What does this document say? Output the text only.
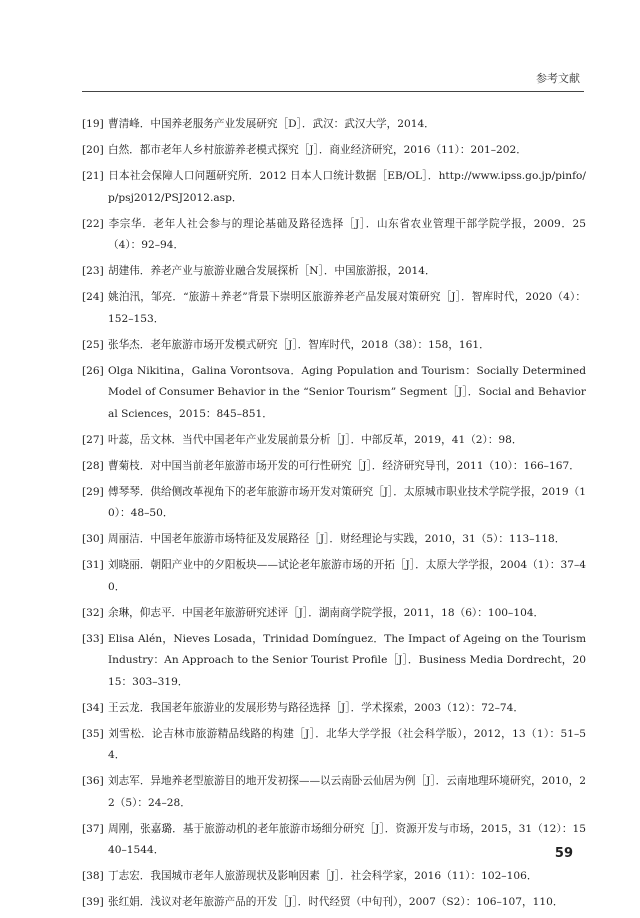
参考文献
[19] 曹清峰．中国养老服务产业发展研究［D］．武汉：武汉大学，2014．
[20] 白然．都市老年人乡村旅游养老模式探究［J］．商业经济研究，2016（11）：201–202．
[21] 日本社会保障人口问题研究所．2012 日本人口统计数据［EB/OL］．http://www.ipss.go.jp/pinfo/p/psj2012/PSJ2012.asp．
[22] 李宗华．老年人社会参与的理论基础及路径选择［J］．山东省农业管理干部学院学报，2009．25（4）：92–94．
[23] 胡建伟．养老产业与旅游业融合发展探析［N］．中国旅游报，2014．
[24] 姚泊汛，邹亮．“旅游＋养老”背景下崇明区旅游养老产品发展对策研究［J］．智库时代，2020（4）：152–153．
[25] 张华杰．老年旅游市场开发模式研究［J］．智库时代，2018（38）：158，161．
[26] Olga Nikitina，Galina Vorontsova．Aging Population and Tourism：Socially Determined Model of Consumer Behavior in the “Senior Tourism” Segment［J］．Social and Behavioral Sciences，2015：845–851．
[27] 叶蕊，岳文林．当代中国老年产业发展前景分析［J］．中部反革，2019，41（2）：98．
[28] 曹菊枝．对中国当前老年旅游市场开发的可行性研究［J］．经济研究导刊，2011（10）：166–167．
[29] 傅琴琴．供给侧改革视角下的老年旅游市场开发对策研究［J］．太原城市职业技术学院学报，2019（10）：48–50．
[30] 周丽洁．中国老年旅游市场特征及发展路径［J］．财经理论与实践，2010，31（5）：113–118．
[31] 刘晓丽．朝阳产业中的夕阳板块——试论老年旅游市场的开拓［J］．太原大学学报，2004（1）：37–40．
[32] 余琳，仰志平．中国老年旅游研究述评［J］．湖南商学院学报，2011，18（6）：100–104．
[33] Elisa Alén，Nieves Losada，Trinidad Domínguez．The Impact of Ageing on the Tourism Industry：An Approach to the Senior Tourist Profile［J］．Business Media Dordrecht，2015：303–319．
[34] 王云龙．我国老年旅游业的发展形势与路径选择［J］．学术探索，2003（12）：72–74．
[35] 刘雪松．论吉林市旅游精品线路的构建［J］．北华大学学报（社会科学版），2012，13（1）：51–54．
[36] 刘志军．异地养老型旅游目的地开发初探——以云南卧云仙居为例［J］．云南地理环境研究，2010，22（5）：24–28．
[37] 周刚，张嘉璐．基于旅游动机的老年旅游市场细分研究［J］．资源开发与市场，2015，31（12）：1540–1544．
[38] 丁志宏．我国城市老年人旅游现状及影响因素［J］．社会科学家，2016（11）：102–106．
[39] 张红娟．浅议对老年旅游产品的开发［J］．时代经贸（中旬刊），2007（S2）：106–107，110．
59
